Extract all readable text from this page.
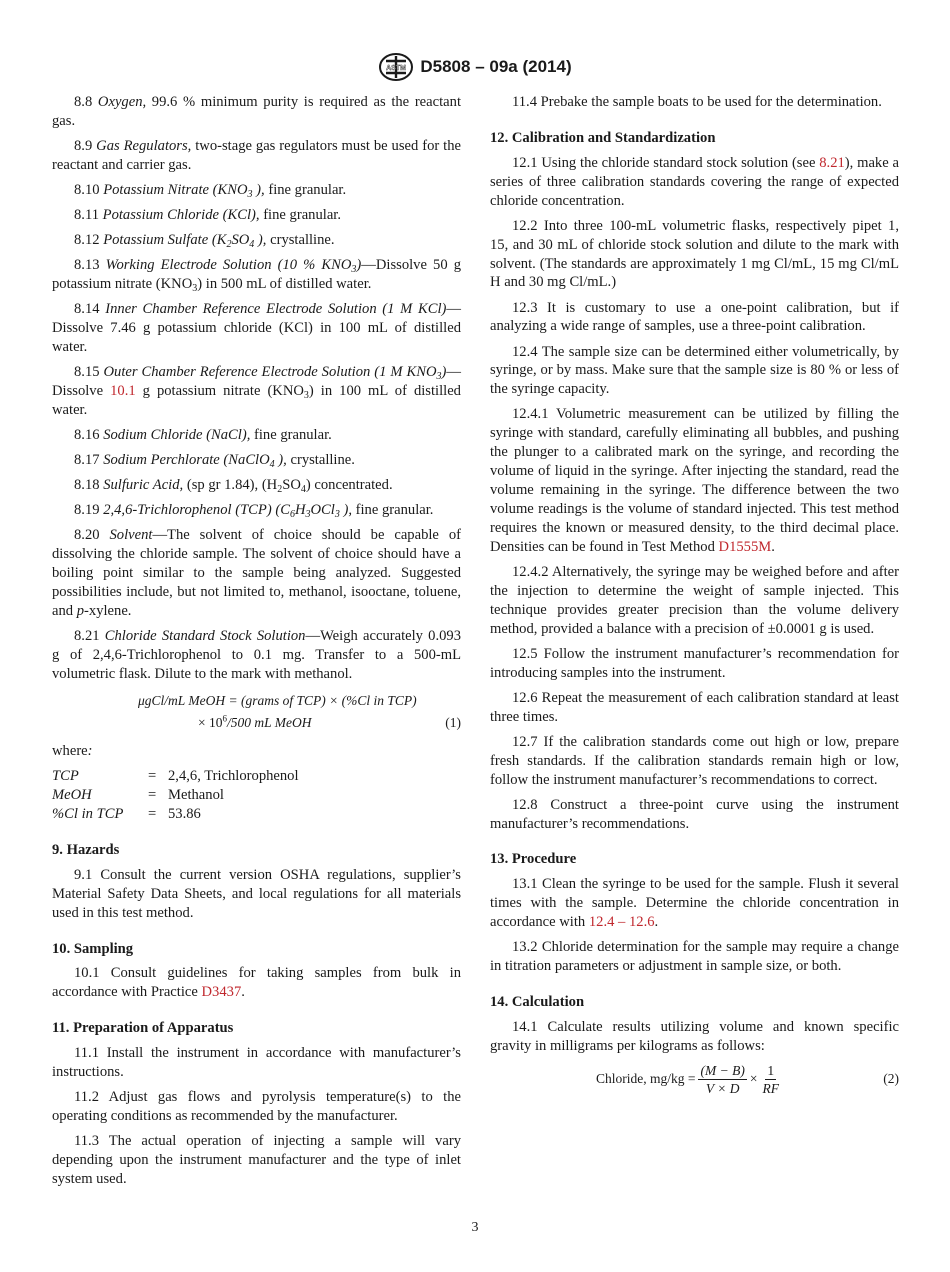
ASTM D5808 – 09a (2014)

8.8 Oxygen, 99.6 % minimum purity is required as the reactant gas.

8.9 Gas Regulators, two-stage gas regulators must be used for the reactant and carrier gas.

8.10 Potassium Nitrate ($KNO_3$ ), fine granular.

8.11 Potassium Chloride (KCl), fine granular.

8.12 Potassium Sulfate ($K_2SO_4$ ), crystalline.

8.13 Working Electrode Solution (10 % $KNO_3)—Dissolve$ 50 g potassium nitrate $(KNO_3)$ in 500 mL of distilled water.

8.14 Inner Chamber Reference Electrode Solution (1 M KCl)—Dissolve 7.46 g potassium chloride (KCl) in 100 mL of distilled water.

8.15 Outer Chamber Reference Electrode Solution (1 M $KNO_3)—Dissolve$ 10.1 g potassium nitrate $(KNO_3)$ in 100 mL of distilled water.

8.16 Sodium Chloride (NaCl), fine granular.

8.17 Sodium Perchlorate (NaClO$_4$ ), crystalline.

8.18 Sulfuric Acid, (sp gr 1.84), $(H_2SO_4)$ concentrated.

8.19 2,4,6-Trichlorophenol (TCP) ($C_6H_3OCl_3$ ), fine granular.

8.20 Solvent—The solvent of choice should be capable of dissolving the chloride sample. The solvent of choice should have a boiling point similar to the sample being analyzed. Suggested possibilities include, but not limited to, methanol, isooctane, toluene, and p-xylene.

8.21 Chloride Standard Stock Solution—Weigh accurately 0.093 g of 2,4,6-Trichlorophenol to 0.1 mg. Transfer to a 500-mL volumetric flask. Dilute to the mark with methanol.

μgCl/mL MeOH = (grams of TCP) × (%Cl in TCP)
× $10^6/500$ mL MeOH	(1)

where:

TCP	=	2,4,6, Trichlorophenol
MeOH	=	Methanol
%Cl in TCP	=	53.86
9. Hazards

9.1 Consult the current version OSHA regulations, supplier’s Material Safety Data Sheets, and local regulations for all materials used in this test method.

10. Sampling

10.1 Consult guidelines for taking samples from bulk in accordance with Practice D3437.

11. Preparation of Apparatus

11.1 Install the instrument in accordance with manufacturer’s instructions.

11.2 Adjust gas flows and pyrolysis temperature(s) to the operating conditions as recommended by the manufacturer.

11.3 The actual operation of injecting a sample will vary depending upon the instrument manufacturer and the type of inlet system used.

11.4 Prebake the sample boats to be used for the determination.

12. Calibration and Standardization

12.1 Using the chloride standard stock solution (see 8.21), make a series of three calibration standards covering the range of expected chloride concentration.

12.2 Into three 100-mL volumetric flasks, respectively pipet 1, 15, and 30 mL of chloride stock solution and dilute to the mark with solvent. (The standards are approximately 1 mg Cl/mL, 15 mg Cl/mL H and 30 mg Cl/mL.)

12.3 It is customary to use a one-point calibration, but if analyzing a wide range of samples, use a three-point calibration.

12.4 The sample size can be determined either volumetrically, by syringe, or by mass. Make sure that the sample size is 80 % or less of the syringe capacity.

12.4.1 Volumetric measurement can be utilized by filling the syringe with standard, carefully eliminating all bubbles, and pushing the plunger to a calibrated mark on the syringe, and recording the volume of liquid in the syringe. After injecting the standard, read the volume remaining in the syringe. The difference between the two volume readings is the volume of standard injected. This test method requires the known or measured density, to the third decimal place. Densities can be found in Test Method D1555M.

12.4.2 Alternatively, the syringe may be weighed before and after the injection to determine the weight of sample injected. This technique provides greater precision than the volume delivery method, provided a balance with a precision of ±0.0001 g is used.

12.5 Follow the instrument manufacturer’s recommendation for introducing samples into the instrument.

12.6 Repeat the measurement of each calibration standard at least three times.

12.7 If the calibration standards come out high or low, prepare fresh standards. If the calibration standards remain high or low, follow the instrument manufacturer’s recommendations to correct.

12.8 Construct a three-point curve using the instrument manufacturer’s recommendations.

13. Procedure

13.1 Clean the syringe to be used for the sample. Flush it several times with the sample. Determine the chloride concentration in accordance with 12.4 – 12.6.

13.2 Chloride determination for the sample may require a change in titration parameters or adjustment in sample size, or both.

14. Calculation

14.1 Calculate results utilizing volume and known specific gravity in milligrams per kilograms as follows:

Chloride, $mg/kg = \frac{(M - B)}{V \times D} \times \frac{1}{RF}$	(2)
3
